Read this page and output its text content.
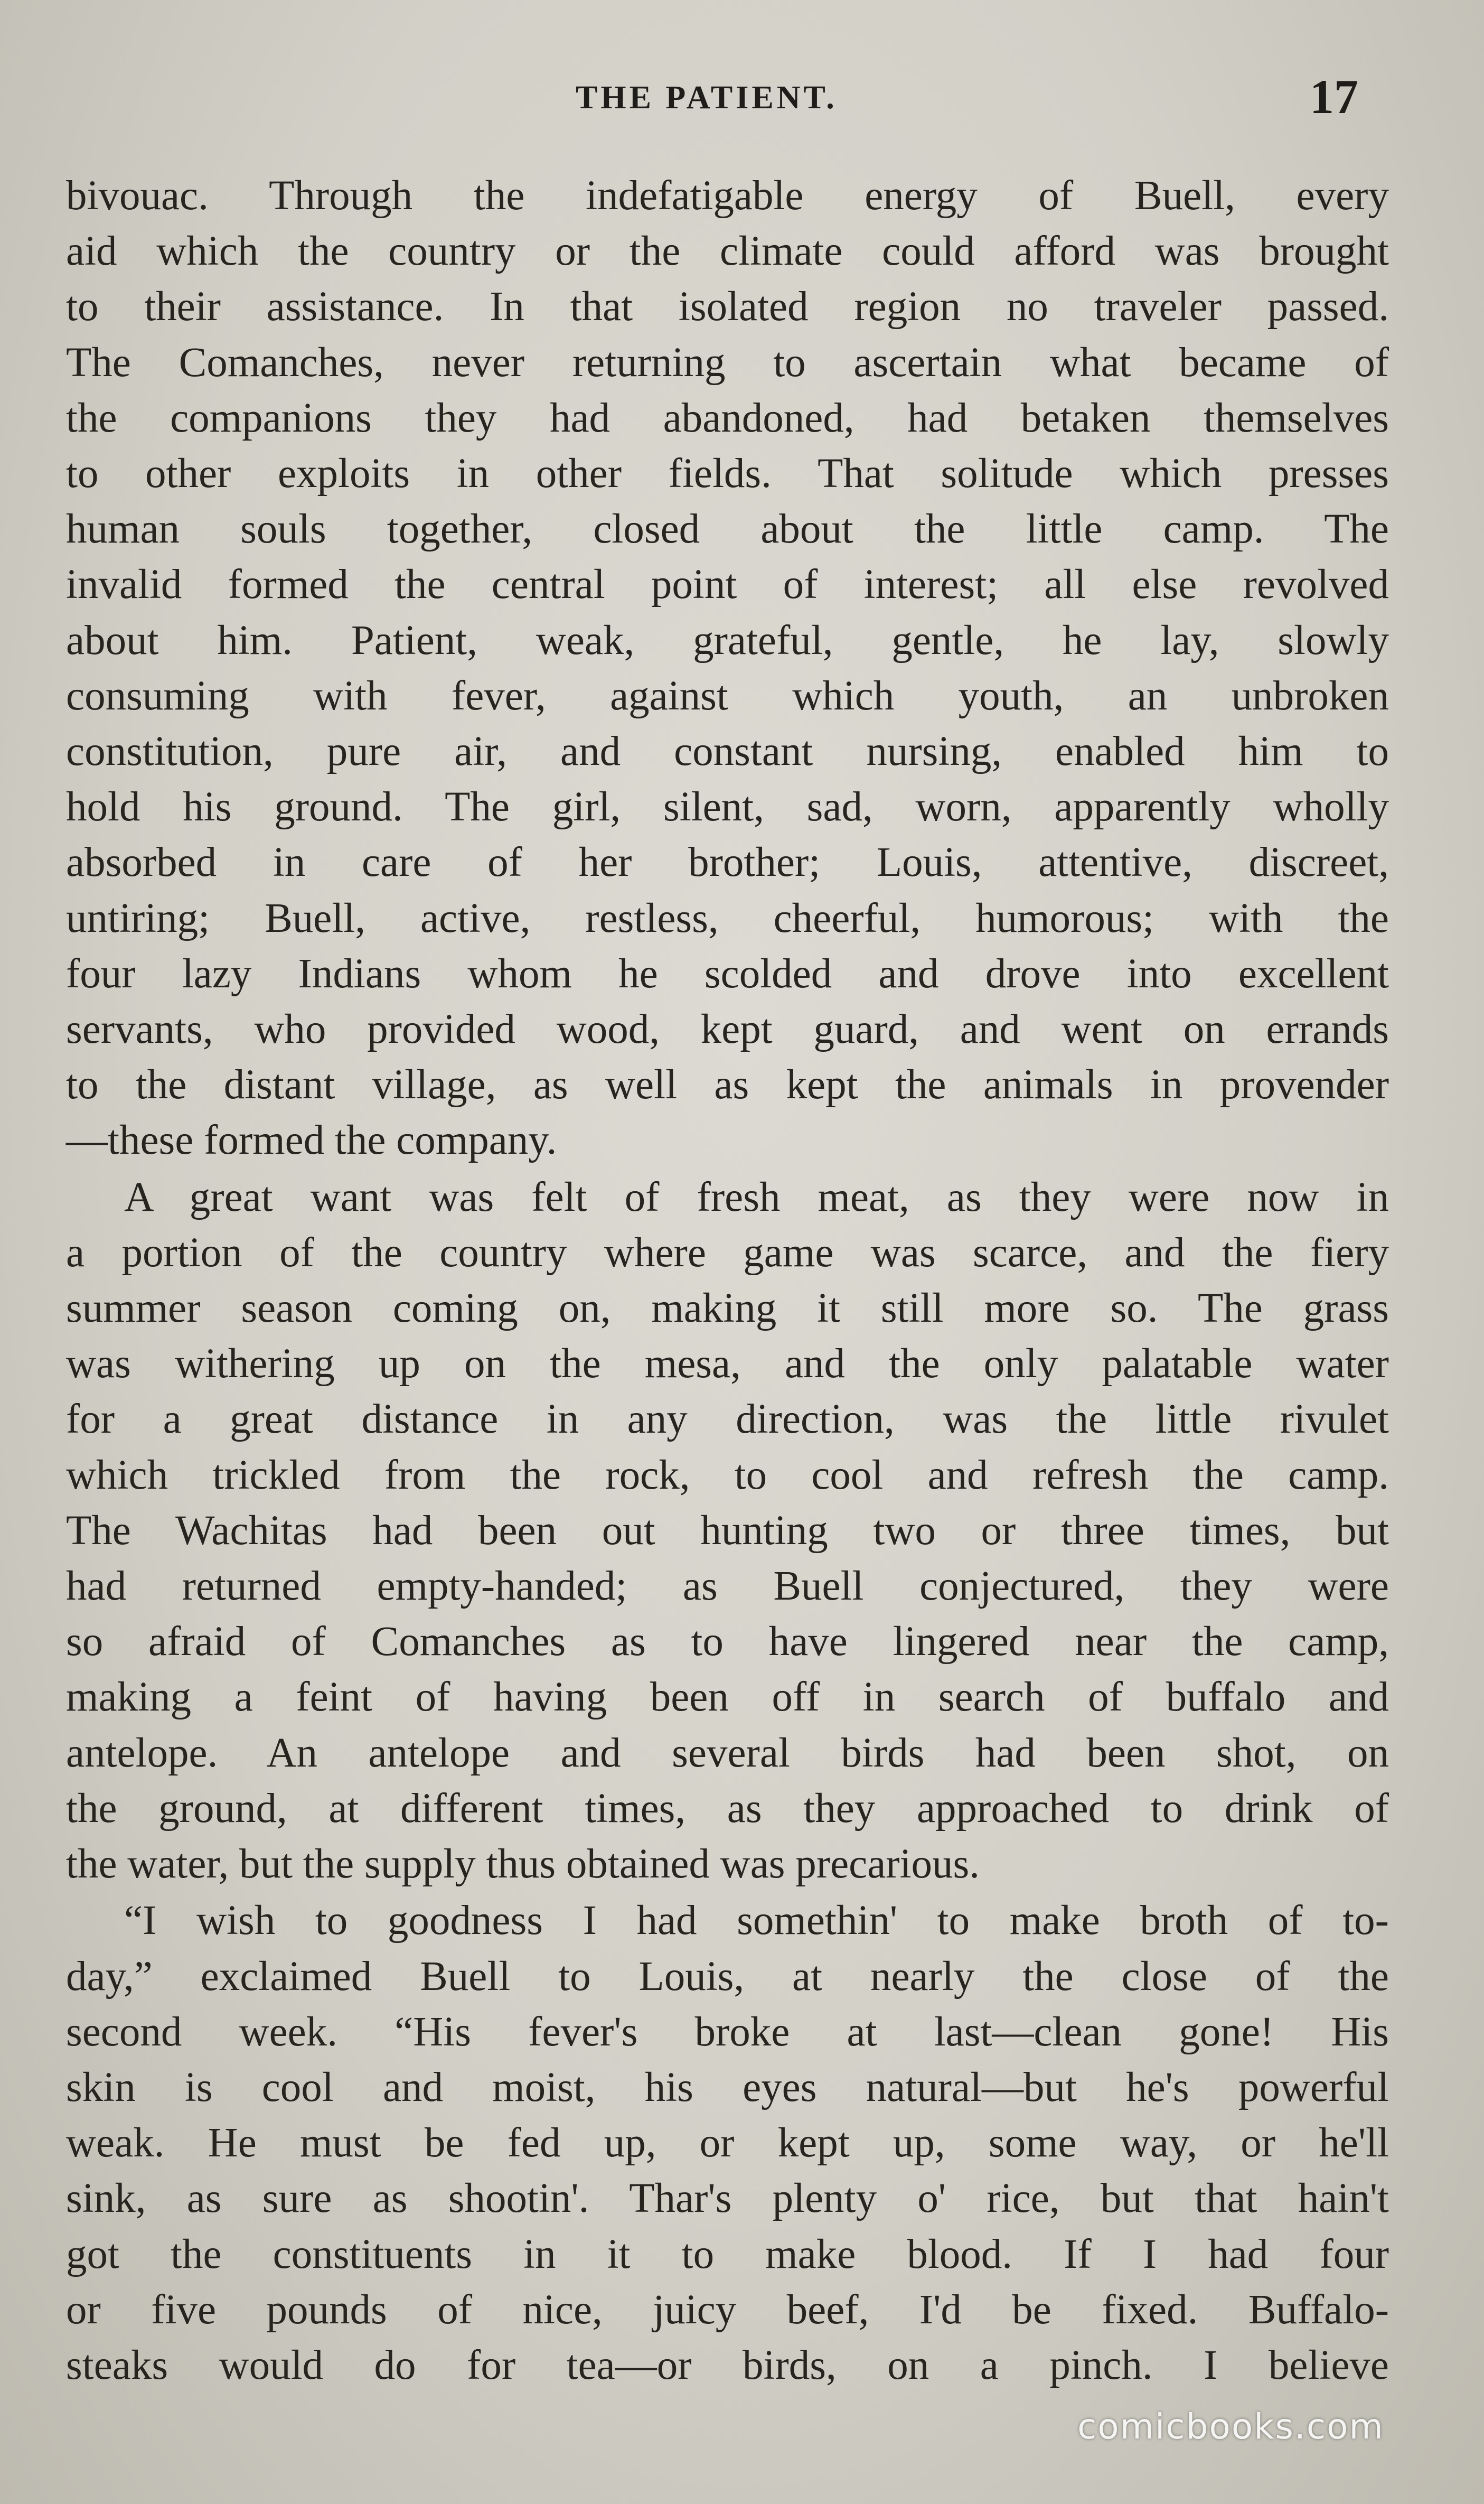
THE PATIENT.	17
bivouac. Through the indefatigable energy of Buell, every
aid which the country or the climate could afford was brought
to their assistance. In that isolated region no traveler passed.
The Comanches, never returning to ascertain what became of
the companions they had abandoned, had betaken themselves
to other exploits in other fields. That solitude which presses
human souls together, closed about the little camp. The
invalid formed the central point of interest; all else revolved
about him. Patient, weak, grateful, gentle, he lay, slowly
consuming with fever, against which youth, an unbroken
constitution, pure air, and constant nursing, enabled him to
hold his ground. The girl, silent, sad, worn, apparently wholly
absorbed in care of her brother; Louis, attentive, discreet,
untiring; Buell, active, restless, cheerful, humorous; with the
four lazy Indians whom he scolded and drove into excellent
servants, who provided wood, kept guard, and went on errands
to the distant village, as well as kept the animals in provender
—these formed the company.
A great want was felt of fresh meat, as they were now in
a portion of the country where game was scarce, and the fiery
summer season coming on, making it still more so. The grass
was withering up on the mesa, and the only palatable water
for a great distance in any direction, was the little rivulet
which trickled from the rock, to cool and refresh the camp.
The Wachitas had been out hunting two or three times, but
had returned empty-handed; as Buell conjectured, they were
so afraid of Comanches as to have lingered near the camp,
making a feint of having been off in search of buffalo and
antelope. An antelope and several birds had been shot, on
the ground, at different times, as they approached to drink of
the water, but the supply thus obtained was precarious.
“I wish to goodness I had somethin' to make broth of to-
day,” exclaimed Buell to Louis, at nearly the close of the
second week. “His fever's broke at last—clean gone! His
skin is cool and moist, his eyes natural—but he's powerful
weak. He must be fed up, or kept up, some way, or he'll
sink, as sure as shootin'. Thar's plenty o' rice, but that hain't
got the constituents in it to make blood. If I had four
or five pounds of nice, juicy beef, I'd be fixed. Buffalo-
steaks would do for tea—or birds, on a pinch. I believe
comicbooks.com
